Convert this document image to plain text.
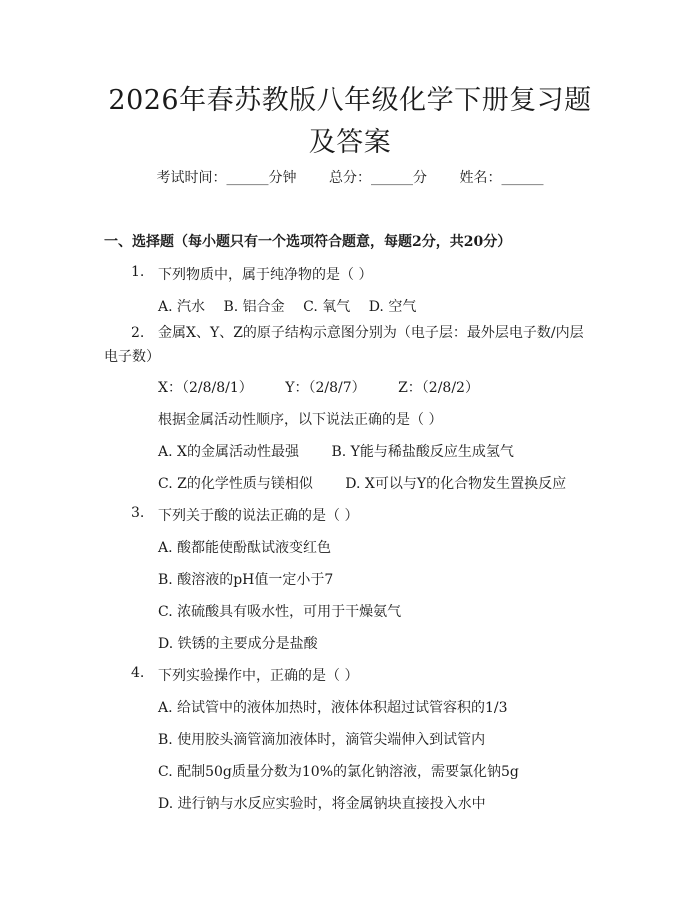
2026年春苏教版八年级化学下册复习题及答案
考试时间：______分钟 总分：______分 姓名：______
一、选择题（每小题只有一个选项符合题意，每题2分，共20分）
1. 下列物质中，属于纯净物的是（ ）
A. 汽水 B. 铝合金 C. 氧气 D. 空气
2. 金属X、Y、Z的原子结构示意图分别为（电子层：最外层电子数/内层电子数）
X：（2/8/8/1） Y：（2/8/7） Z：（2/8/2）
根据金属活动性顺序，以下说法正确的是（ ）
A. X的金属活动性最强 B. Y能与稀盐酸反应生成氢气
C. Z的化学性质与镁相似 D. X可以与Y的化合物发生置换反应
3. 下列关于酸的说法正确的是（ ）
A. 酸都能使酚酞试液变红色
B. 酸溶液的pH值一定小于7
C. 浓硫酸具有吸水性，可用于干燥氨气
D. 铁锈的主要成分是盐酸
4. 下列实验操作中，正确的是（ ）
A. 给试管中的液体加热时，液体体积超过试管容积的1/3
B. 使用胶头滴管滴加液体时，滴管尖端伸入到试管内
C. 配制50g质量分数为10%的氯化钠溶液，需要氯化钠5g
D. 进行钠与水反应实验时，将金属钠块直接投入水中
